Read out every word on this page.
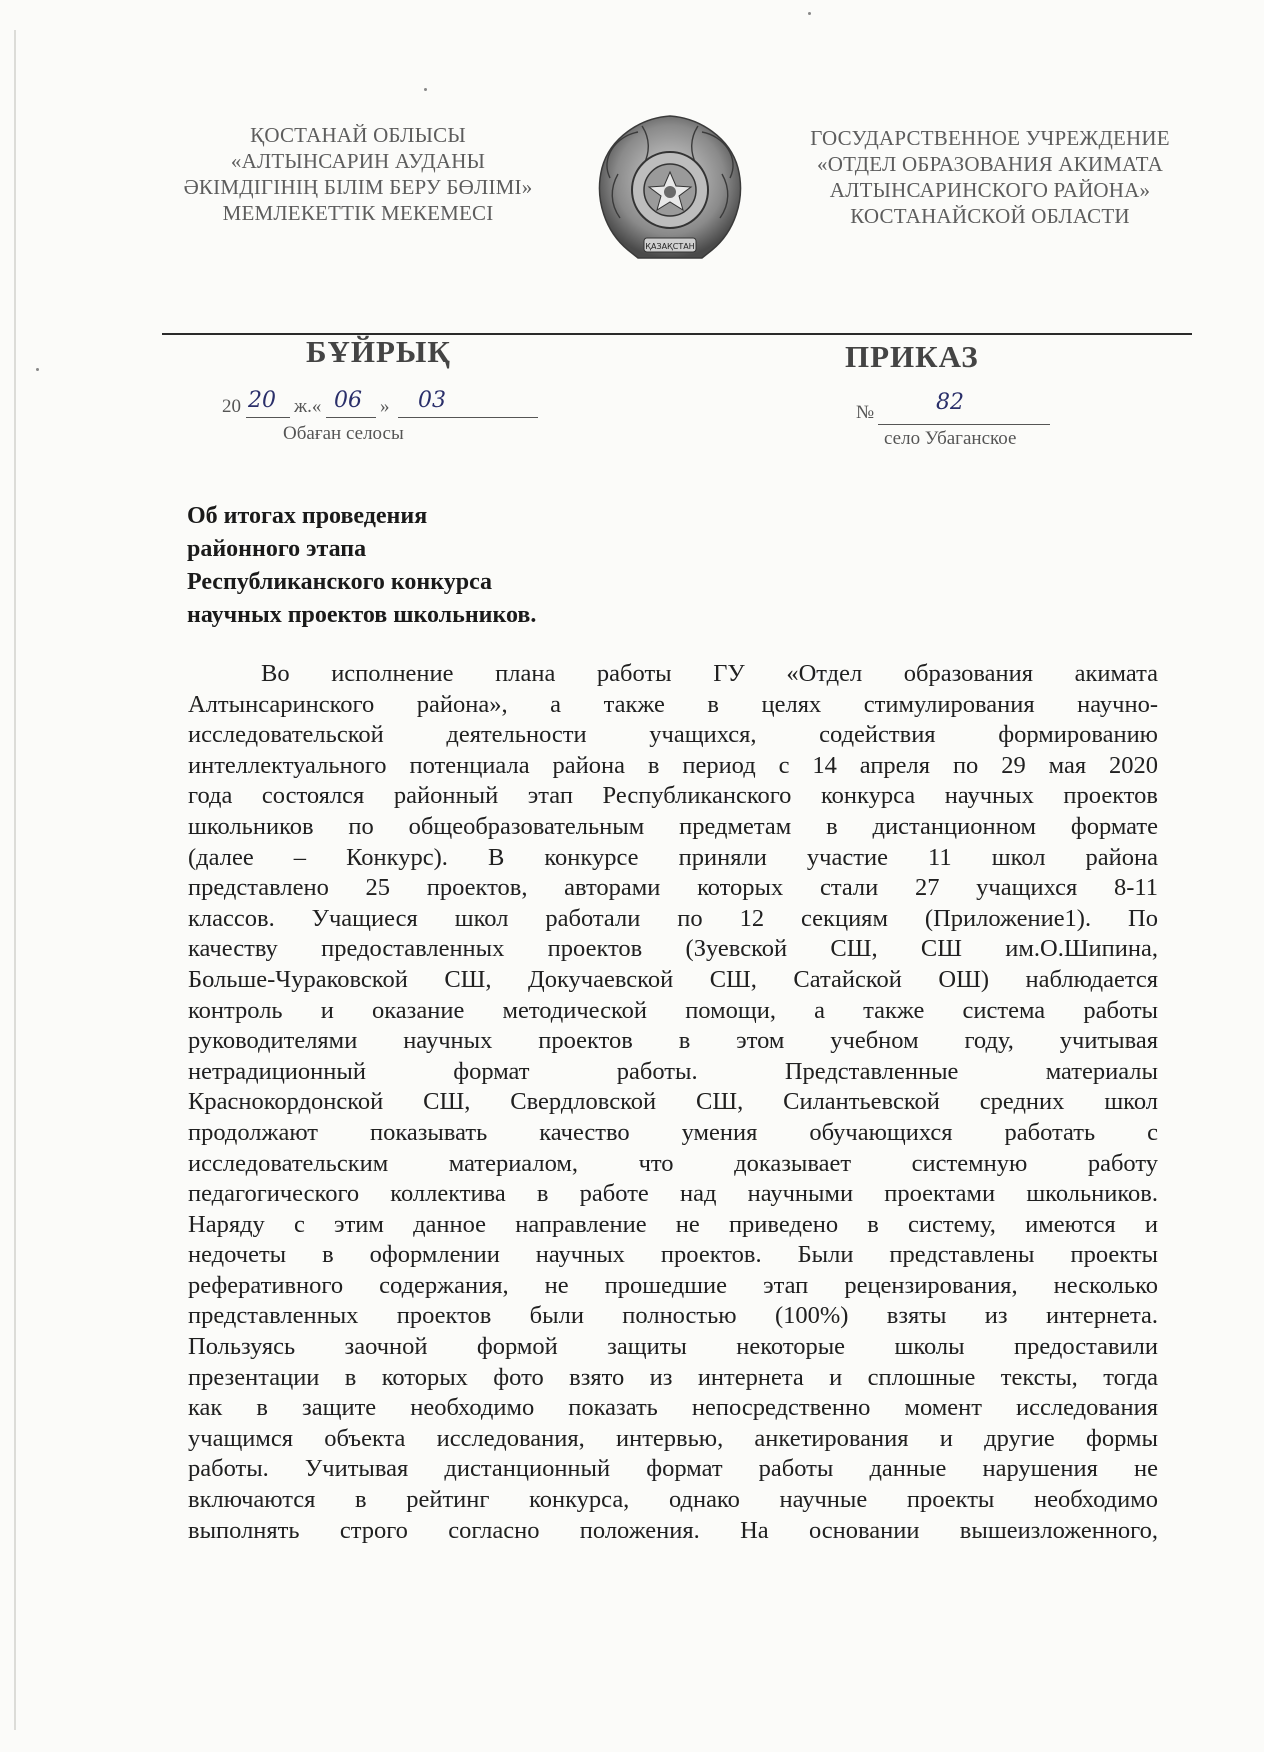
ҚОСТАНАЙ ОБЛЫСЫ
«АЛТЫНСАРИН АУДАНЫ
ӘКІМДІГІНІҢ БІЛІМ БЕРУ БӨЛІМІ»
МЕМЛЕКЕТТІК МЕКЕМЕСІ
ҚАЗАҚСТАН
ГОСУДАРСТВЕННОЕ УЧРЕЖДЕНИЕ
«ОТДЕЛ ОБРАЗОВАНИЯ АКИМАТА
АЛТЫНСАРИНСКОГО РАЙОНА»
КОСТАНАЙСКОЙ ОБЛАСТИ
БҰЙРЫҚ	ПРИКАЗ
20 20 ж.« 06 » 03
Обаған селосы
№	82
село Убаганское
Об итогах проведения
районного этапа
Республиканского конкурса
научных проектов школьников.
Во исполнение плана работы ГУ «Отдел образования акимата
Алтынсаринского района», а также в целях стимулирования научно-
исследовательской деятельности учащихся, содействия формированию
интеллектуального потенциала района в период с 14 апреля по 29 мая 2020
года состоялся районный этап Республиканского конкурса научных проектов
школьников по общеобразовательным предметам в дистанционном формате
(далее – Конкурс). В конкурсе приняли участие 11 школ района
представлено 25 проектов, авторами которых стали 27 учащихся 8-11
классов. Учащиеся школ работали по 12 секциям (Приложение1). По
качеству предоставленных проектов (Зуевской СШ, СШ им.О.Шипина,
Больше-Чураковской СШ, Докучаевской СШ, Сатайской ОШ) наблюдается
контроль и оказание методической помощи, а также система работы
руководителями научных проектов в этом учебном году, учитывая
нетрадиционный формат работы. Представленные материалы
Краснокордонской СШ, Свердловской СШ, Силантьевской средних школ
продолжают показывать качество умения обучающихся работать с
исследовательским материалом, что доказывает системную работу
педагогического коллектива в работе над научными проектами школьников.
Наряду с этим данное направление не приведено в систему, имеются и
недочеты в оформлении научных проектов. Были представлены проекты
реферативного содержания, не прошедшие этап рецензирования, несколько
представленных проектов были полностью (100%) взяты из интернета.
Пользуясь заочной формой защиты некоторые школы предоставили
презентации в которых фото взято из интернета и сплошные тексты, тогда
как в защите необходимо показать непосредственно момент исследования
учащимся объекта исследования, интервью, анкетирования и другие формы
работы. Учитывая дистанционный формат работы данные нарушения не
включаются в рейтинг конкурса, однако научные проекты необходимо
выполнять строго согласно положения. На основании вышеизложенного,
